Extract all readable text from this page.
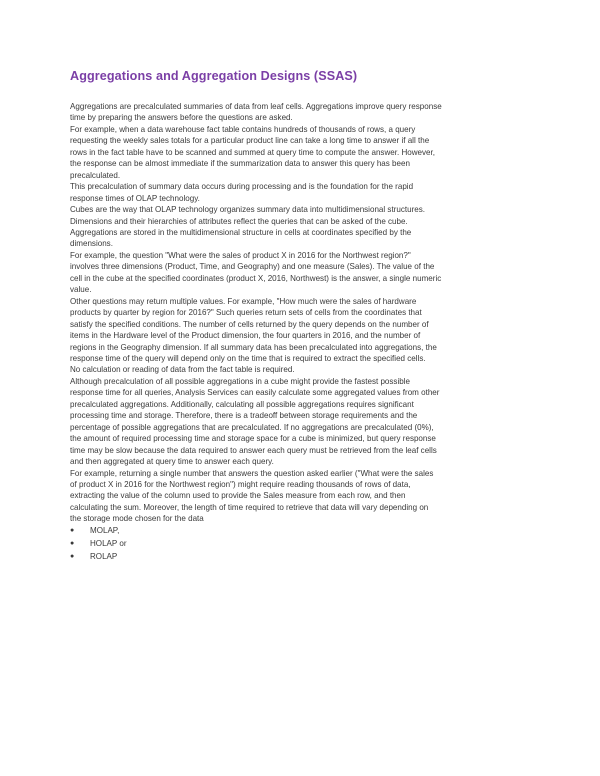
Aggregations and Aggregation Designs (SSAS)

Aggregations are precalculated summaries of data from leaf cells. Aggregations improve query response
time by preparing the answers before the questions are asked.

For example, when a data warehouse fact table contains hundreds of thousands of rows, a query
requesting the weekly sales totals for a particular product line can take a long time to answer if all the
rows in the fact table have to be scanned and summed at query time to compute the answer. However,
the response can be almost immediate if the summarization data to answer this query has been
precalculated.

This precalculation of summary data occurs during processing and is the foundation for the rapid
response times of OLAP technology.

Cubes are the way that OLAP technology organizes summary data into multidimensional structures.
Dimensions and their hierarchies of attributes reflect the queries that can be asked of the cube.
Aggregations are stored in the multidimensional structure in cells at coordinates specified by the
dimensions.

For example, the question "What were the sales of product X in 2016 for the Northwest region?"
involves three dimensions (Product, Time, and Geography) and one measure (Sales). The value of the
cell in the cube at the specified coordinates (product X, 2016, Northwest) is the answer, a single numeric
value.

Other questions may return multiple values. For example, "How much were the sales of hardware
products by quarter by region for 2016?" Such queries return sets of cells from the coordinates that
satisfy the specified conditions. The number of cells returned by the query depends on the number of
items in the Hardware level of the Product dimension, the four quarters in 2016, and the number of
regions in the Geography dimension. If all summary data has been precalculated into aggregations, the
response time of the query will depend only on the time that is required to extract the specified cells.
No calculation or reading of data from the fact table is required.

Although precalculation of all possible aggregations in a cube might provide the fastest possible
response time for all queries, Analysis Services can easily calculate some aggregated values from other
precalculated aggregations. Additionally, calculating all possible aggregations requires significant
processing time and storage. Therefore, there is a tradeoff between storage requirements and the
percentage of possible aggregations that are precalculated. If no aggregations are precalculated (0%),
the amount of required processing time and storage space for a cube is minimized, but query response
time may be slow because the data required to answer each query must be retrieved from the leaf cells
and then aggregated at query time to answer each query.

For example, returning a single number that answers the question asked earlier ("What were the sales
of product X in 2016 for the Northwest region") might require reading thousands of rows of data,
extracting the value of the column used to provide the Sales measure from each row, and then
calculating the sum. Moreover, the length of time required to retrieve that data will vary depending on
the storage mode chosen for the data

●	MOLAP,
●	HOLAP or
●	ROLAP
